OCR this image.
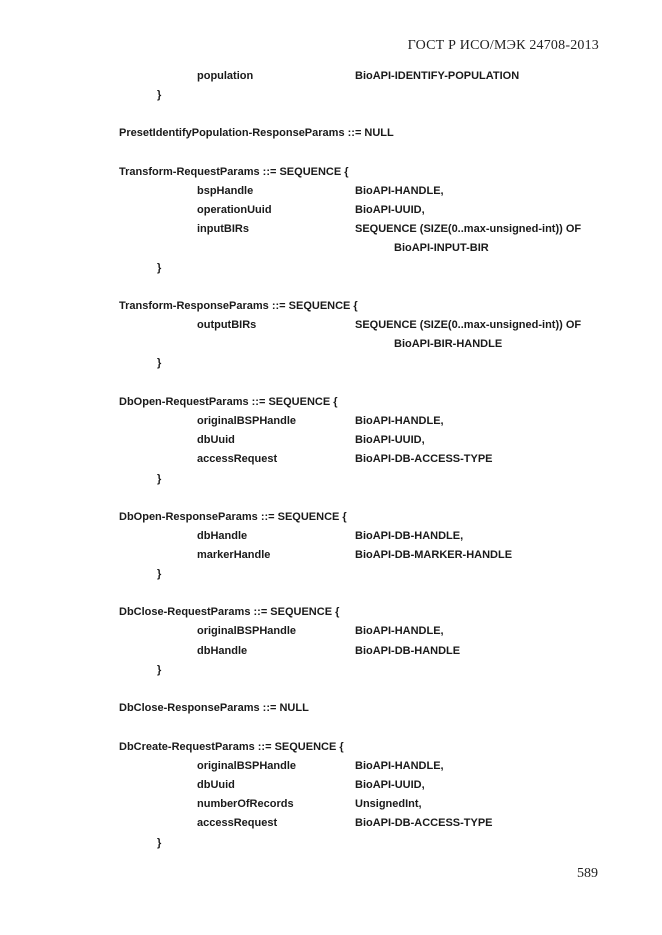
ГОСТ Р ИСО/МЭК 24708-2013
population	BioAPI-IDENTIFY-POPULATION
}
PresetIdentifyPopulation-ResponseParams ::= NULL
Transform-RequestParams ::= SEQUENCE {
bspHandle	BioAPI-HANDLE,
operationUuid	BioAPI-UUID,
inputBIRs	SEQUENCE (SIZE(0..max-unsigned-int)) OF
BioAPI-INPUT-BIR
}
Transform-ResponseParams ::= SEQUENCE {
outputBIRs	SEQUENCE (SIZE(0..max-unsigned-int)) OF
BioAPI-BIR-HANDLE
}
DbOpen-RequestParams ::= SEQUENCE {
originalBSPHandle	BioAPI-HANDLE,
dbUuid	BioAPI-UUID,
accessRequest	BioAPI-DB-ACCESS-TYPE
}
DbOpen-ResponseParams ::= SEQUENCE {
dbHandle	BioAPI-DB-HANDLE,
markerHandle	BioAPI-DB-MARKER-HANDLE
}
DbClose-RequestParams ::= SEQUENCE {
originalBSPHandle	BioAPI-HANDLE,
dbHandle	BioAPI-DB-HANDLE
}
DbClose-ResponseParams ::= NULL
DbCreate-RequestParams ::= SEQUENCE {
originalBSPHandle	BioAPI-HANDLE,
dbUuid	BioAPI-UUID,
numberOfRecords	UnsignedInt,
accessRequest	BioAPI-DB-ACCESS-TYPE
}
589
